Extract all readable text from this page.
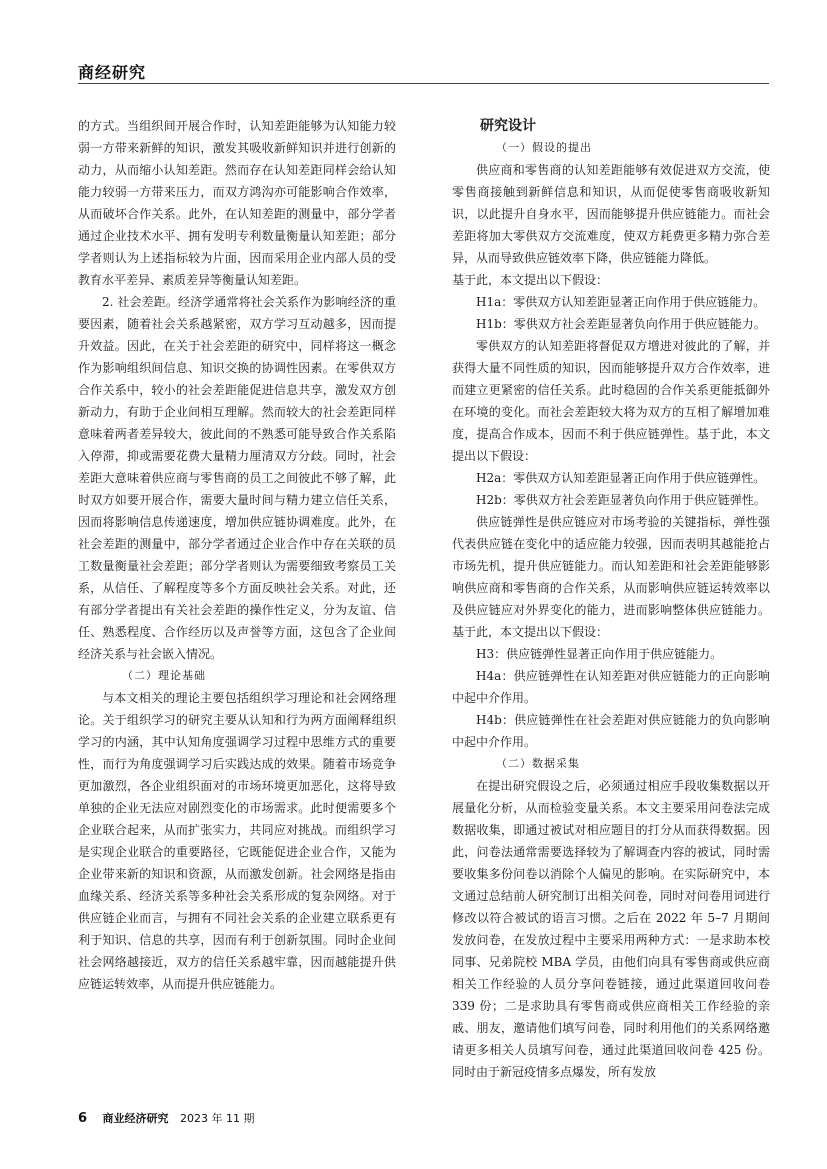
商经研究

的方式。当组织间开展合作时，认知差距能够为认知能力较弱一方带来新鲜的知识，激发其吸收新鲜知识并进行创新的动力，从而缩小认知差距。然而存在认知差距同样会给认知能力较弱一方带来压力，而双方鸿沟亦可能影响合作效率，从而破坏合作关系。此外，在认知差距的测量中，部分学者通过企业技术水平、拥有发明专利数量衡量认知差距；部分学者则认为上述指标较为片面，因而采用企业内部人员的受教育水平差异、素质差异等衡量认知差距。

2. 社会差距。经济学通常将社会关系作为影响经济的重要因素，随着社会关系越紧密，双方学习互动越多，因而提升效益。因此，在关于社会差距的研究中，同样将这一概念作为影响组织间信息、知识交换的协调性因素。在零供双方合作关系中，较小的社会差距能促进信息共享，激发双方创新动力，有助于企业间相互理解。然而较大的社会差距同样意味着两者差异较大，彼此间的不熟悉可能导致合作关系陷入停滞，抑或需要花费大量精力厘清双方分歧。同时，社会差距大意味着供应商与零售商的员工之间彼此不够了解，此时双方如要开展合作，需要大量时间与精力建立信任关系，因而将影响信息传递速度，增加供应链协调难度。此外，在社会差距的测量中，部分学者通过企业合作中存在关联的员工数量衡量社会差距；部分学者则认为需要细致考察员工关系，从信任、了解程度等多个方面反映社会关系。对此，还有部分学者提出有关社会差距的操作性定义，分为友谊、信任、熟悉程度、合作经历以及声誉等方面，这包含了企业间经济关系与社会嵌入情况。

（二）理论基础

与本文相关的理论主要包括组织学习理论和社会网络理论。关于组织学习的研究主要从认知和行为两方面阐释组织学习的内涵，其中认知角度强调学习过程中思维方式的重要性，而行为角度强调学习后实践达成的效果。随着市场竞争更加激烈，各企业组织面对的市场环境更加恶化，这将导致单独的企业无法应对剧烈变化的市场需求。此时便需要多个企业联合起来，从而扩张实力，共同应对挑战。而组织学习是实现企业联合的重要路径，它既能促进企业合作，又能为企业带来新的知识和资源，从而激发创新。社会网络是指由血缘关系、经济关系等多种社会关系形成的复杂网络。对于供应链企业而言，与拥有不同社会关系的企业建立联系更有利于知识、信息的共享，因而有利于创新氛围。同时企业间社会网络越接近，双方的信任关系越牢靠，因而越能提升供应链运转效率，从而提升供应链能力。

研究设计

（一）假设的提出

供应商和零售商的认知差距能够有效促进双方交流，使零售商接触到新鲜信息和知识，从而促使零售商吸收新知识，以此提升自身水平，因而能够提升供应链能力。而社会差距将加大零供双方交流难度，使双方耗费更多精力弥合差异，从而导致供应链效率下降，供应链能力降低。

基于此，本文提出以下假设：

H1a：零供双方认知差距显著正向作用于供应链能力。

H1b：零供双方社会差距显著负向作用于供应链能力。

零供双方的认知差距将督促双方增进对彼此的了解，并获得大量不同性质的知识，因而能够提升双方合作效率，进而建立更紧密的信任关系。此时稳固的合作关系更能抵御外在环境的变化。而社会差距较大将为双方的互相了解增加难度，提高合作成本，因而不利于供应链弹性。基于此，本文提出以下假设：

H2a：零供双方认知差距显著正向作用于供应链弹性。

H2b：零供双方社会差距显著负向作用于供应链弹性。

供应链弹性是供应链应对市场考验的关键指标，弹性强代表供应链在变化中的适应能力较强，因而表明其越能抢占市场先机，提升供应链能力。而认知差距和社会差距能够影响供应商和零售商的合作关系，从而影响供应链运转效率以及供应链应对外界变化的能力，进而影响整体供应链能力。基于此，本文提出以下假设：

H3：供应链弹性显著正向作用于供应链能力。

H4a：供应链弹性在认知差距对供应链能力的正向影响中起中介作用。

H4b：供应链弹性在社会差距对供应链能力的负向影响中起中介作用。

（二）数据采集

在提出研究假设之后，必须通过相应手段收集数据以开展量化分析，从而检验变量关系。本文主要采用问卷法完成数据收集，即通过被试对相应题目的打分从而获得数据。因此，问卷法通常需要选择较为了解调查内容的被试，同时需要收集多份问卷以消除个人偏见的影响。在实际研究中，本文通过总结前人研究制订出相关问卷，同时对问卷用词进行修改以符合被试的语言习惯。之后在 2022 年 5–7 月期间发放问卷，在发放过程中主要采用两种方式：一是求助本校同事、兄弟院校 MBA 学员，由他们向具有零售商或供应商相关工作经验的人员分享问卷链接，通过此渠道回收问卷 339 份；二是求助具有零售商或供应商相关工作经验的亲戚、朋友，邀请他们填写问卷，同时利用他们的关系网络邀请更多相关人员填写问卷，通过此渠道回收问卷 425 份。同时由于新冠疫情多点爆发，所有发放

6 商业经济研究 2023 年 11 期
